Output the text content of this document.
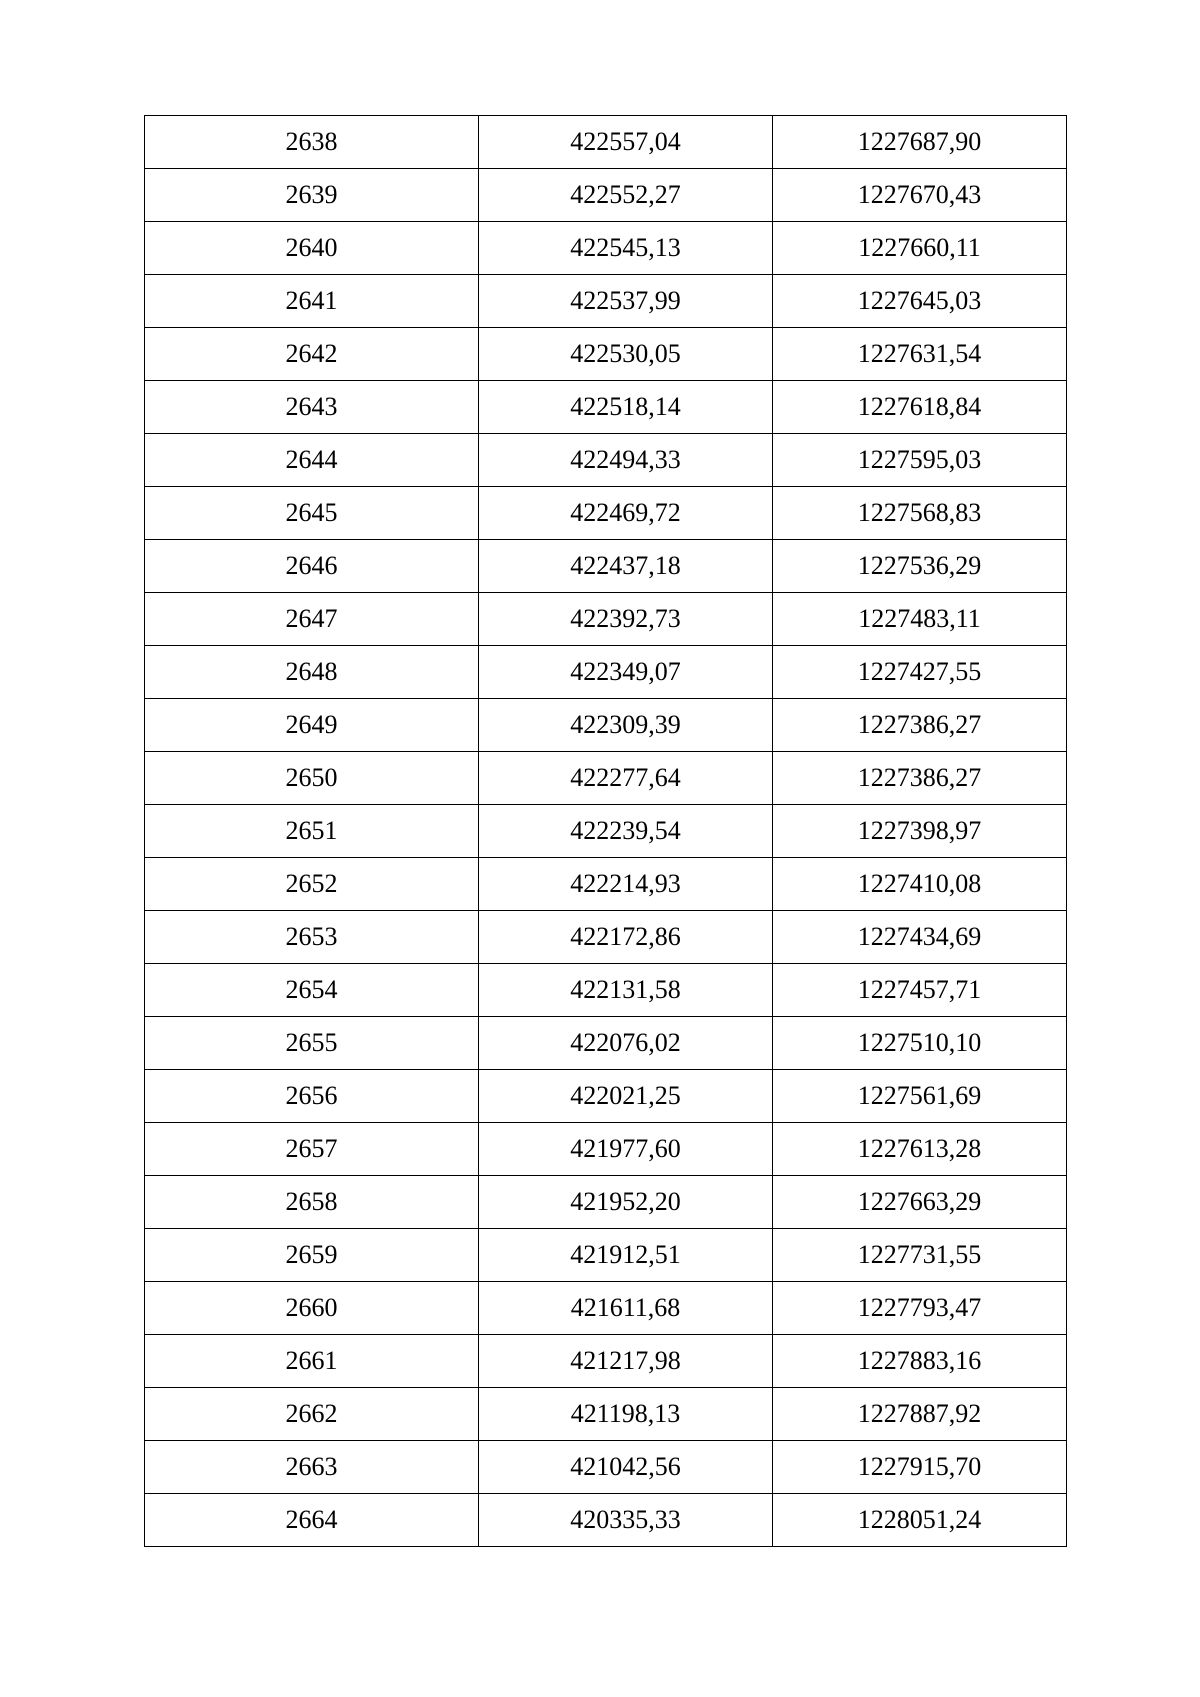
2638	422557,04	1227687,90
2639	422552,27	1227670,43
2640	422545,13	1227660,11
2641	422537,99	1227645,03
2642	422530,05	1227631,54
2643	422518,14	1227618,84
2644	422494,33	1227595,03
2645	422469,72	1227568,83
2646	422437,18	1227536,29
2647	422392,73	1227483,11
2648	422349,07	1227427,55
2649	422309,39	1227386,27
2650	422277,64	1227386,27
2651	422239,54	1227398,97
2652	422214,93	1227410,08
2653	422172,86	1227434,69
2654	422131,58	1227457,71
2655	422076,02	1227510,10
2656	422021,25	1227561,69
2657	421977,60	1227613,28
2658	421952,20	1227663,29
2659	421912,51	1227731,55
2660	421611,68	1227793,47
2661	421217,98	1227883,16
2662	421198,13	1227887,92
2663	421042,56	1227915,70
2664	420335,33	1228051,24
